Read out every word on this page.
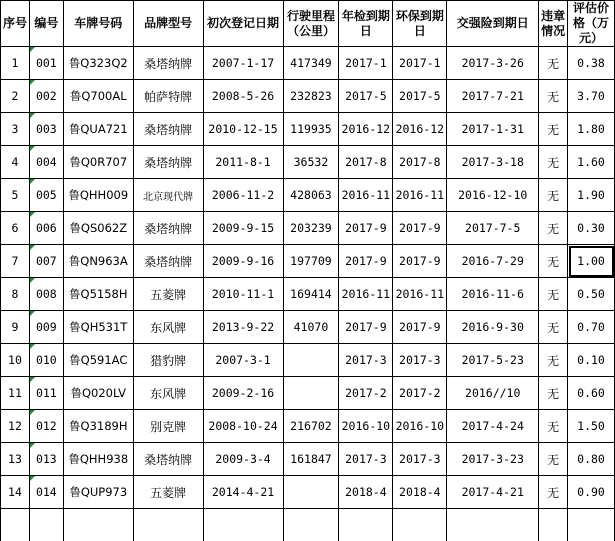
序号	编号	车牌号码	品牌型号	初次登记日期	行驶里程（公里）	年检到期日	环保到期日	交强险到期日	违章情况	评估价格（万元）
1	001	鲁Q323Q2	桑塔纳牌	2007-1-17	417349	2017-1	2017-1	2017-3-26	无	0.38
2	002	鲁Q700AL	帕萨特牌	2008-5-26	232823	2017-5	2017-5	2017-7-21	无	3.70
3	003	鲁QUA721	桑塔纳牌	2010-12-15	119935	2016-12	2016-12	2017-1-31	无	1.80
4	004	鲁Q0R707	桑塔纳牌	2011-8-1	36532	2017-8	2017-8	2017-3-18	无	1.60
5	005	鲁QHH009	北京现代牌	2006-11-2	428063	2016-11	2016-11	2016-12-10	无	1.90
6	006	鲁QS062Z	桑塔纳牌	2009-9-15	203239	2017-9	2017-9	2017-7-5	无	0.30
7	007	鲁QN963A	桑塔纳牌	2009-9-16	197709	2017-9	2017-9	2016-7-29	无	1.00
8	008	鲁Q5158H	五菱牌	2010-11-1	169414	2016-11	2016-11	2016-11-6	无	0.50
9	009	鲁QH531T	东风牌	2013-9-22	41070	2017-9	2017-9	2016-9-30	无	0.70
10	010	鲁Q591AC	猎豹牌	2007-3-1		2017-3	2017-3	2017-5-23	无	0.10
11	011	鲁Q020LV	东风牌	2009-2-16		2017-2	2017-2	2016//10	无	0.60
12	012	鲁Q3189H	别克牌	2008-10-24	216702	2016-10	2016-10	2017-4-24	无	1.50
13	013	鲁QHH938	桑塔纳牌	2009-3-4	161847	2017-3	2017-3	2017-3-23	无	0.80
14	014	鲁QUP973	五菱牌	2014-4-21		2018-4	2018-4	2017-4-21	无	0.90
